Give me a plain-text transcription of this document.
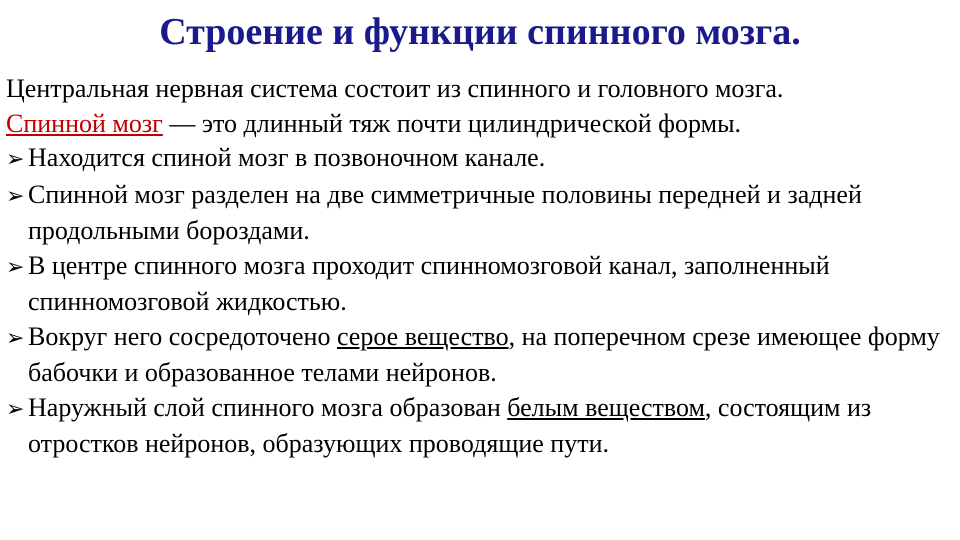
Строение и функции спинного мозга.

Центральная нервная система состоит из спинного и головного мозга.

Спинной мозг — это длинный тяж почти цилиндрической формы.

➢ Находится спиной мозг в позвоночном канале.

➢ Спинной мозг разделен на две симметричные половины передней и задней продольными бороздами.

➢ В центре спинного мозга проходит спинномозговой канал, заполненный спинномозговой жидкостью.

➢ Вокруг него сосредоточено серое вещество, на поперечном срезе имеющее форму бабочки и образованное телами нейронов.

➢ Наружный слой спинного мозга образован белым веществом, состоящим из отростков нейронов, образующих проводящие пути.
